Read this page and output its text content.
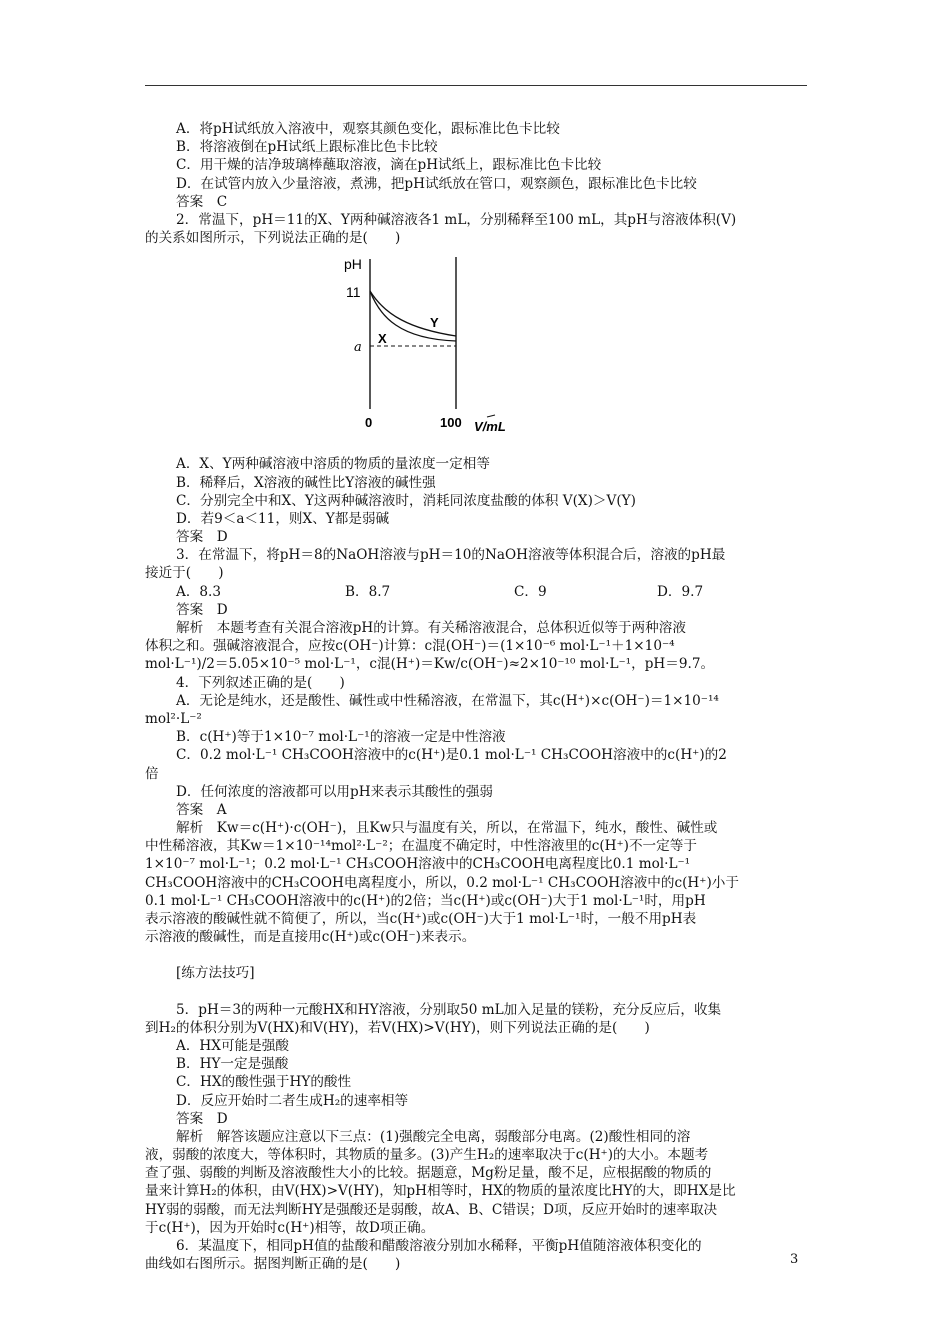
A．将pH试纸放入溶液中，观察其颜色变化，跟标准比色卡比较
B．将溶液倒在pH试纸上跟标准比色卡比较
C．用干燥的洁净玻璃棒蘸取溶液，滴在pH试纸上，跟标准比色卡比较
D．在试管内放入少量溶液，煮沸，把pH试纸放在管口，观察颜色，跟标准比色卡比较
答案　C
2．常温下，pH＝11的X、Y两种碱溶液各1 mL，分别稀释至100 mL，其pH与溶液体积(V)
的关系如图所示，下列说法正确的是(　　)
pH
11
a
Y
X
0	100 V/mL
A．X、Y两种碱溶液中溶质的物质的量浓度一定相等
B．稀释后，X溶液的碱性比Y溶液的碱性强
C．分别完全中和X、Y这两种碱溶液时，消耗同浓度盐酸的体积 V(X)＞V(Y)
D．若9＜a＜11，则X、Y都是弱碱
答案　D
3．在常温下，将pH＝8的NaOH溶液与pH＝10的NaOH溶液等体积混合后，溶液的pH最
接近于(　　)
A．8.3	B．8.7	C．9	D．9.7
答案　D
解析　本题考查有关混合溶液pH的计算。有关稀溶液混合，总体积近似等于两种溶液
体积之和。强碱溶液混合，应按c(OH⁻)计算：c混(OH⁻)＝(1×10⁻⁶ mol·L⁻¹＋1×10⁻⁴
mol·L⁻¹)/2＝5.05×10⁻⁵ mol·L⁻¹，c混(H⁺)＝Kw/c(OH⁻)≈2×10⁻¹⁰ mol·L⁻¹，pH＝9.7。
4．下列叙述正确的是(　　)
A．无论是纯水，还是酸性、碱性或中性稀溶液，在常温下，其c(H⁺)×c(OH⁻)＝1×10⁻¹⁴
mol²·L⁻²
B．c(H⁺)等于1×10⁻⁷ mol·L⁻¹的溶液一定是中性溶液
C．0.2 mol·L⁻¹ CH₃COOH溶液中的c(H⁺)是0.1 mol·L⁻¹ CH₃COOH溶液中的c(H⁺)的2
倍
D．任何浓度的溶液都可以用pH来表示其酸性的强弱
答案　A
解析　Kw＝c(H⁺)·c(OH⁻)，且Kw只与温度有关，所以，在常温下，纯水，酸性、碱性或
中性稀溶液，其Kw＝1×10⁻¹⁴mol²·L⁻²；在温度不确定时，中性溶液里的c(H⁺)不一定等于
1×10⁻⁷ mol·L⁻¹；0.2 mol·L⁻¹ CH₃COOH溶液中的CH₃COOH电离程度比0.1 mol·L⁻¹
CH₃COOH溶液中的CH₃COOH电离程度小，所以，0.2 mol·L⁻¹ CH₃COOH溶液中的c(H⁺)小于
0.1 mol·L⁻¹ CH₃COOH溶液中的c(H⁺)的2倍；当c(H⁺)或c(OH⁻)大于1 mol·L⁻¹时，用pH
表示溶液的酸碱性就不简便了，所以，当c(H⁺)或c(OH⁻)大于1 mol·L⁻¹时，一般不用pH表
示溶液的酸碱性，而是直接用c(H⁺)或c(OH⁻)来表示。
[练方法技巧]
5．pH＝3的两种一元酸HX和HY溶液，分别取50 mL加入足量的镁粉，充分反应后，收集
到H₂的体积分别为V(HX)和V(HY)，若V(HX)>V(HY)，则下列说法正确的是(　　)
A．HX可能是强酸
B．HY一定是强酸
C．HX的酸性强于HY的酸性
D．反应开始时二者生成H₂的速率相等
答案　D
解析　解答该题应注意以下三点：(1)强酸完全电离，弱酸部分电离。(2)酸性相同的溶
液，弱酸的浓度大，等体积时，其物质的量多。(3)产生H₂的速率取决于c(H⁺)的大小。本题考
查了强、弱酸的判断及溶液酸性大小的比较。据题意，Mg粉足量，酸不足，应根据酸的物质的
量来计算H₂的体积，由V(HX)>V(HY)，知pH相等时，HX的物质的量浓度比HY的大，即HX是比
HY弱的弱酸，而无法判断HY是强酸还是弱酸，故A、B、C错误；D项，反应开始时的速率取决
于c(H⁺)，因为开始时c(H⁺)相等，故D项正确。
6．某温度下，相同pH值的盐酸和醋酸溶液分别加水稀释，平衡pH值随溶液体积变化的
曲线如右图所示。据图判断正确的是(　　)	3
